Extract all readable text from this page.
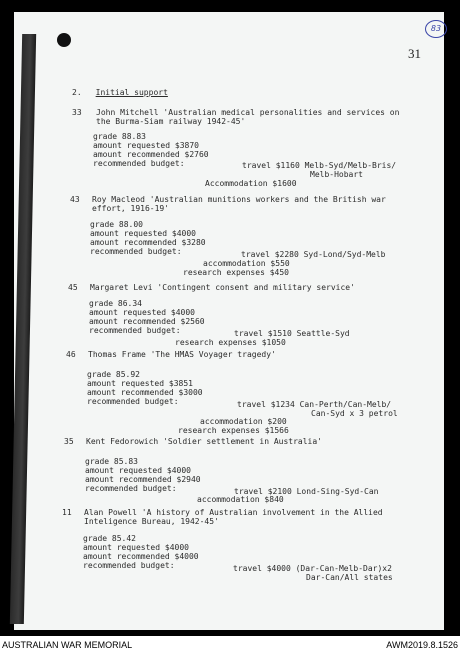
83
31
2. Initial support
33	John Mitchell 'Australian medical personalities and services on the Burma-Siam railway 1942-45'
grade 88.83
amount requested $3870
amount recommended $2760
recommended budget:	travel $1160 Melb-Syd/Melb-Bris/
Melb-Hobart
Accommodation $1600
43	Roy Macleod 'Australian munitions workers and the British war effort, 1916-19'
grade 88.00
amount requested $4000
amount recommended $3280
recommended budget:	travel $2280 Syd-Lond/Syd-Melb
accommodation $550
research expenses $450
45	Margaret Levi 'Contingent consent and military service'
grade 86.34
amount requested $4000
amount recommended $2560
recommended budget:	travel $1510 Seattle-Syd
research expenses $1050
46	Thomas Frame 'The HMAS Voyager tragedy'
grade 85.92
amount requested $3851
amount recommended $3000
recommended budget:	travel $1234 Can-Perth/Can-Melb/
Can-Syd x 3 petrol
accommodation $200
research expenses $1566
35	Kent Fedorowich 'Soldier settlement in Australia'
grade 85.83
amount requested $4000
amount recommended $2940
recommended budget:	travel $2100 Lond-Sing-Syd-Can
accommodation $840
11	Alan Powell 'A history of Australian involvement in the Allied Inteligence Bureau, 1942-45'
grade 85.42
amount requested $4000
amount recommended $4000
recommended budget:	travel $4000 (Dar-Can-Melb-Dar)x2
Dar-Can/All states
AUSTRALIAN WAR MEMORIAL	AWM2019.8.1526
